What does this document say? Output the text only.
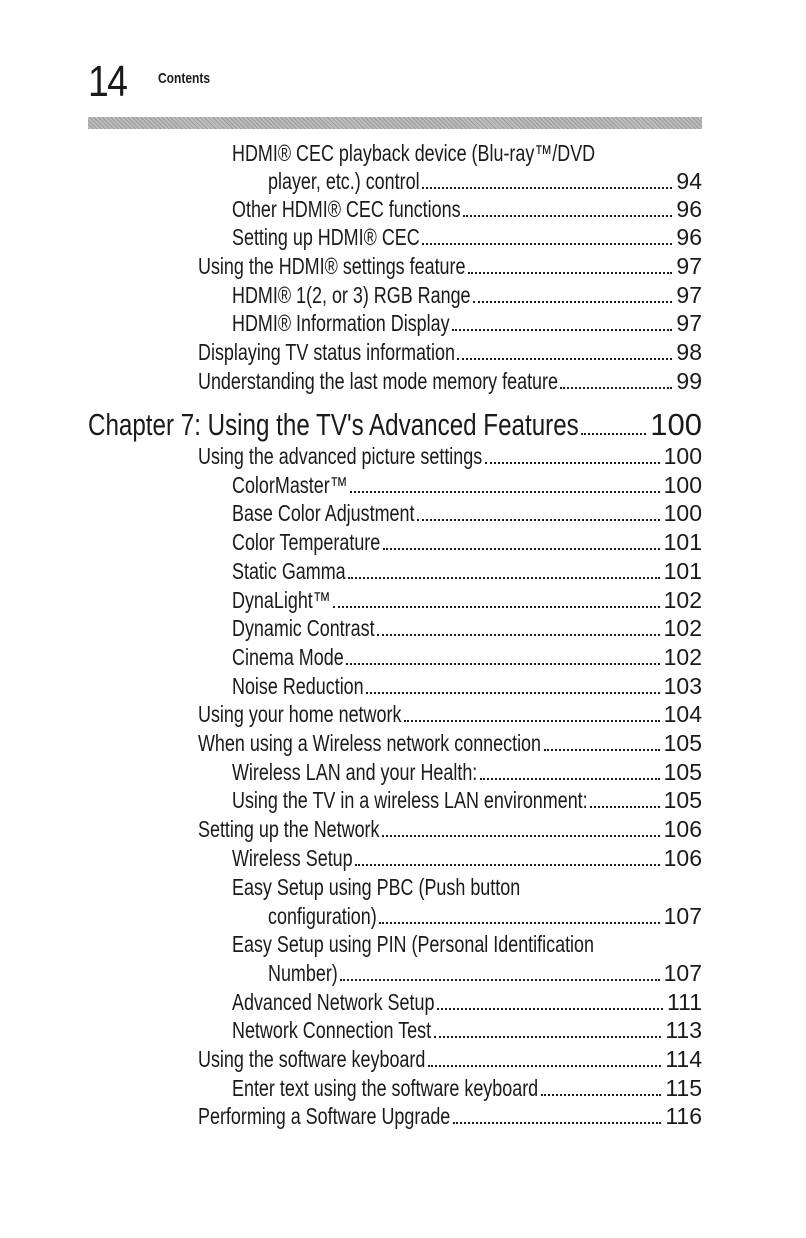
14 Contents
HDMI® CEC playback device (Blu-ray™/DVD
player, etc.) control	94
Other HDMI® CEC functions	96
Setting up HDMI® CEC	96
Using the HDMI® settings feature	97
HDMI® 1(2, or 3) RGB Range	97
HDMI® Information Display	97
Displaying TV status information	98
Understanding the last mode memory feature	99
Chapter 7: Using the TV's Advanced Features 100
Using the advanced picture settings	100
ColorMaster™	100
Base Color Adjustment	100
Color Temperature	101
Static Gamma	101
DynaLight™	102
Dynamic Contrast	102
Cinema Mode	102
Noise Reduction	103
Using your home network	104
When using a Wireless network connection	105
Wireless LAN and your Health:	105
Using the TV in a wireless LAN environment:	105
Setting up the Network	106
Wireless Setup	106
Easy Setup using PBC (Push button
configuration)	107
Easy Setup using PIN (Personal Identification
Number)	107
Advanced Network Setup	111
Network Connection Test	113
Using the software keyboard	114
Enter text using the software keyboard	115
Performing a Software Upgrade	116
